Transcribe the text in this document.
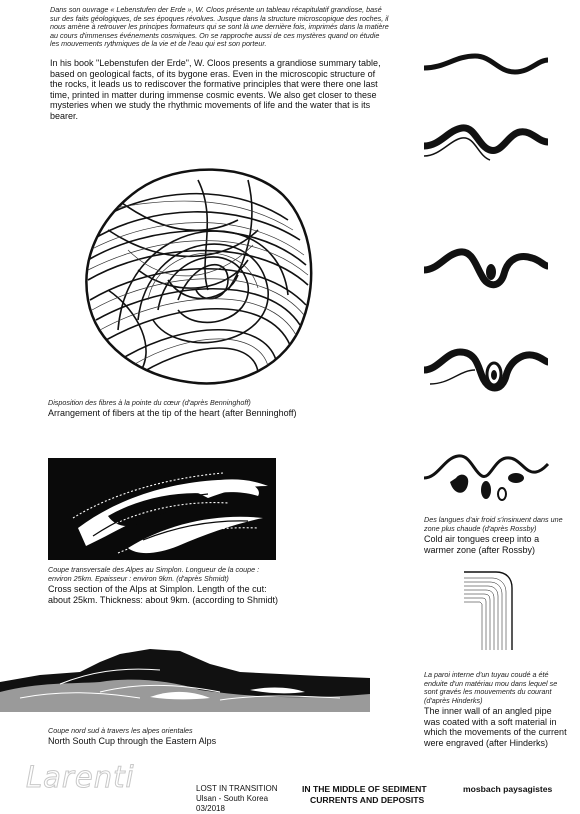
Dans son ouvrage « Lebenstufen der Erde », W. Cloos présente un tableau récapitulatif grandiose, basé sur des faits géologiques, de ses époques révolues. Jusque dans la structure microscopique des roches, il nous amène à retrouver les principes formateurs qui se sont là une dernière fois, imprimés dans la matière au cours d'immenses événements cosmiques. On se rapproche aussi de ces mystères quand on étudie les mouvements rythmiques de la vie et de l'eau qui est son porteur.
In his book "Lebenstufen der Erde", W. Cloos presents a grandiose summary table, based on geological facts, of its bygone eras. Even in the microscopic structure of the rocks, it leads us to rediscover the formative principles that were there one last time, printed in matter during immense cosmic events. We also get closer to these mysteries when we study the rhythmic movements of life and the water that is its bearer.
Disposition des fibres à la pointe du cœur (d'après Benninghoff)
Arrangement of fibers at the tip of the heart (after Benninghoff)
Coupe transversale des Alpes au Simplon. Longueur de la coupe : environ 25km. Epaisseur : environ 9km. (d'après Shmidt)
Cross section of the Alps at Simplon. Length of the cut: about 25km. Thickness: about 9km. (according to Shmidt)
Coupe nord sud à travers les alpes orientales
North South Cup through the Eastern Alps
Des langues d'air froid s'insinuent dans une zone plus chaude (d'après Rossby)
Cold air tongues creep into a warmer zone (after Rossby)
La paroi interne d'un tuyau coudé a été enduite d'un matériau mou dans lequel se sont gravés les mouvements du courant (d'après Hinderks)
The inner wall of an angled pipe was coated with a soft material in which the movements of the current were engraved (after Hinderks)
Larenti	LOST IN TRANSITION
Ulsan - South Korea
03/2018
IN THE MIDDLE OF SEDIMENT
CURRENTS AND DEPOSITS
mosbach paysagistes
